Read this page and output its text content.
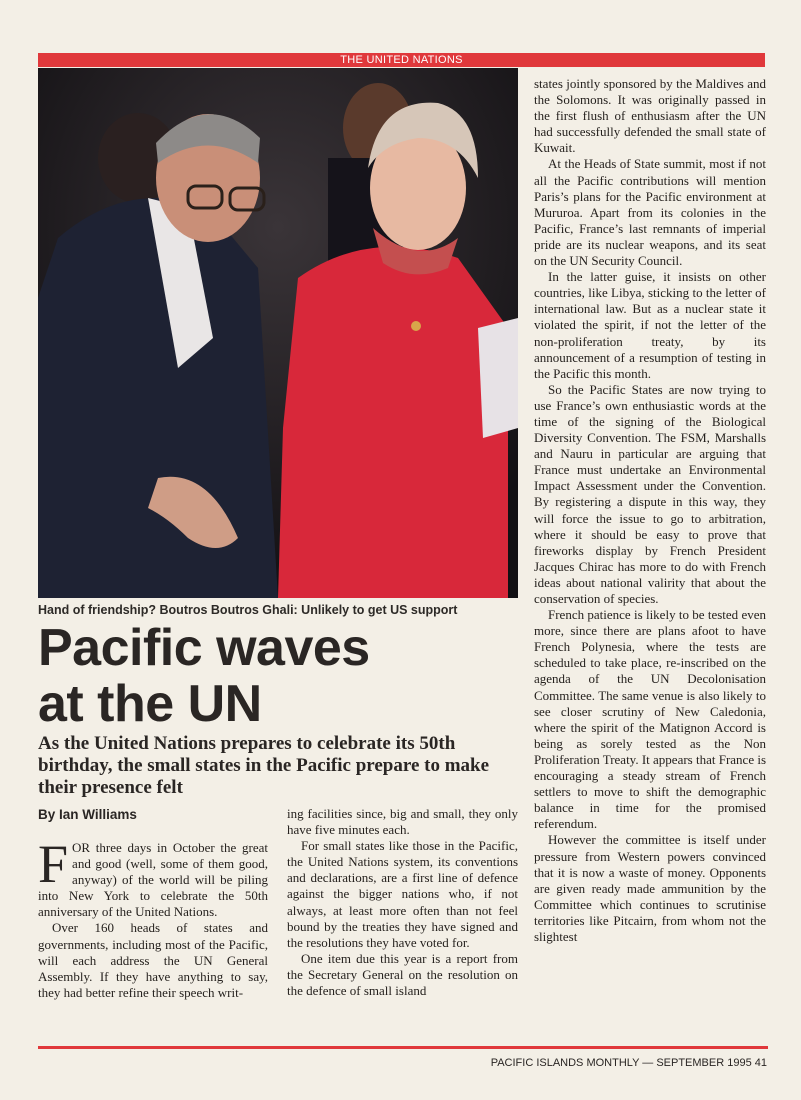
THE UNITED NATIONS
Hand of friendship? Boutros Boutros Ghali: Unlikely to get US support
Pacific waves
at the UN
As the United Nations prepares to celebrate its 50th birthday, the small states in the Pacific prepare to make their presence felt
By Ian Williams

FOR three days in October the great and good (well, some of them good, anyway) of the world will be piling into New York to celebrate the 50th anniversary of the United Nations.

Over 160 heads of states and governments, including most of the Pacific, will each address the UN General Assembly. If they have anything to say, they had better refine their speech writ-

ing facilities since, big and small, they only have five minutes each.

For small states like those in the Pacific, the United Nations system, its conventions and declarations, are a first line of defence against the bigger nations who, if not always, at least more often than not feel bound by the treaties they have signed and the resolutions they have voted for.

One item due this year is a report from the Secretary General on the resolution on the defence of small island

states jointly sponsored by the Maldives and the Solomons. It was originally passed in the first flush of enthusiasm after the UN had successfully defended the small state of Kuwait.

At the Heads of State summit, most if not all the Pacific contributions will mention Paris’s plans for the Pacific environment at Mururoa. Apart from its colonies in the Pacific, France’s last remnants of imperial pride are its nuclear weapons, and its seat on the UN Security Council.

In the latter guise, it insists on other countries, like Libya, sticking to the letter of international law. But as a nuclear state it violated the spirit, if not the letter of the non-proliferation treaty, by its announcement of a resumption of testing in the Pacific this month.

So the Pacific States are now trying to use France’s own enthusiastic words at the time of the signing of the Biological Diversity Convention. The FSM, Marshalls and Nauru in particular are arguing that France must undertake an Environmental Impact Assessment under the Convention. By registering a dispute in this way, they will force the issue to go to arbitration, where it should be easy to prove that fireworks display by French President Jacques Chirac has more to do with French ideas about national valirity that about the conservation of species.

French patience is likely to be tested even more, since there are plans afoot to have French Polynesia, where the tests are scheduled to take place, re-inscribed on the agenda of the UN Decolonisation Committee. The same venue is also likely to see closer scrutiny of New Caledonia, where the spirit of the Matignon Accord is being as sorely tested as the Non Proliferation Treaty. It appears that France is encouraging a steady stream of French settlers to move to shift the demographic balance in time for the promised referendum.

However the committee is itself under pressure from Western powers convinced that it is now a waste of money. Opponents are given ready made ammunition by the Committee which continues to scrutinise territories like Pitcairn, from whom not the slightest

PACIFIC ISLANDS MONTHLY — SEPTEMBER 1995 41
